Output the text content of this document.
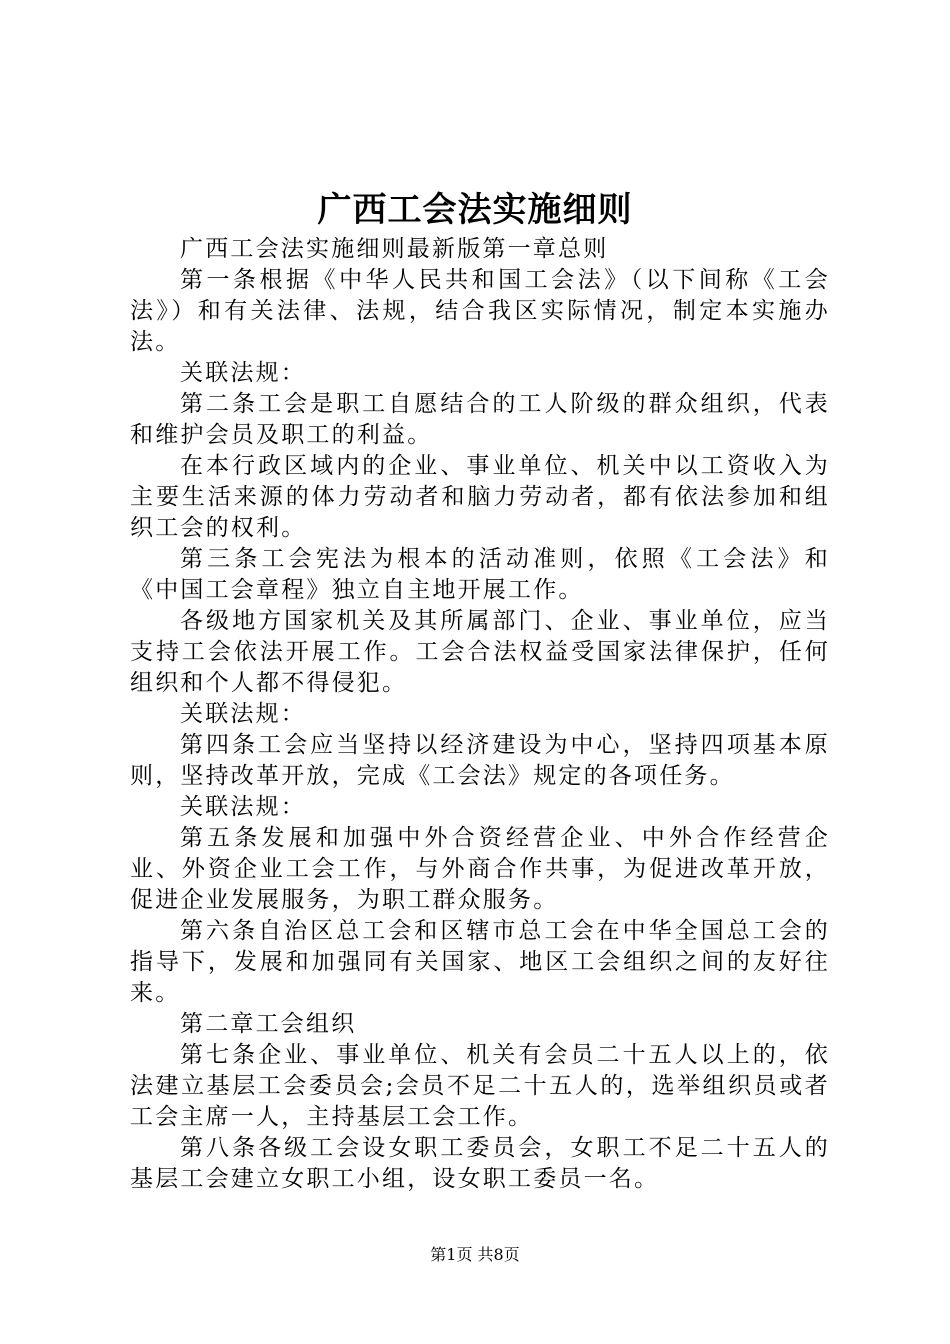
广西工会法实施细则

广西工会法实施细则最新版第一章总则

第一条根据《中华人民共和国工会法》（以下间称《工会法》）和有关法律、法规，结合我区实际情况，制定本实施办法。

关联法规：

第二条工会是职工自愿结合的工人阶级的群众组织，代表和维护会员及职工的利益。

在本行政区域内的企业、事业单位、机关中以工资收入为主要生活来源的体力劳动者和脑力劳动者，都有依法参加和组织工会的权利。

第三条工会宪法为根本的活动准则，依照《工会法》和《中国工会章程》独立自主地开展工作。

各级地方国家机关及其所属部门、企业、事业单位，应当支持工会依法开展工作。工会合法权益受国家法律保护，任何组织和个人都不得侵犯。

关联法规：

第四条工会应当坚持以经济建设为中心，坚持四项基本原则，坚持改革开放，完成《工会法》规定的各项任务。

关联法规：

第五条发展和加强中外合资经营企业、中外合作经营企业、外资企业工会工作，与外商合作共事，为促进改革开放，促进企业发展服务，为职工群众服务。

第六条自治区总工会和区辖市总工会在中华全国总工会的指导下，发展和加强同有关国家、地区工会组织之间的友好往来。

第二章工会组织

第七条企业、事业单位、机关有会员二十五人以上的，依法建立基层工会委员会;会员不足二十五人的，选举组织员或者工会主席一人，主持基层工会工作。

第八条各级工会设女职工委员会，女职工不足二十五人的基层工会建立女职工小组，设女职工委员一名。

第1页 共8页
